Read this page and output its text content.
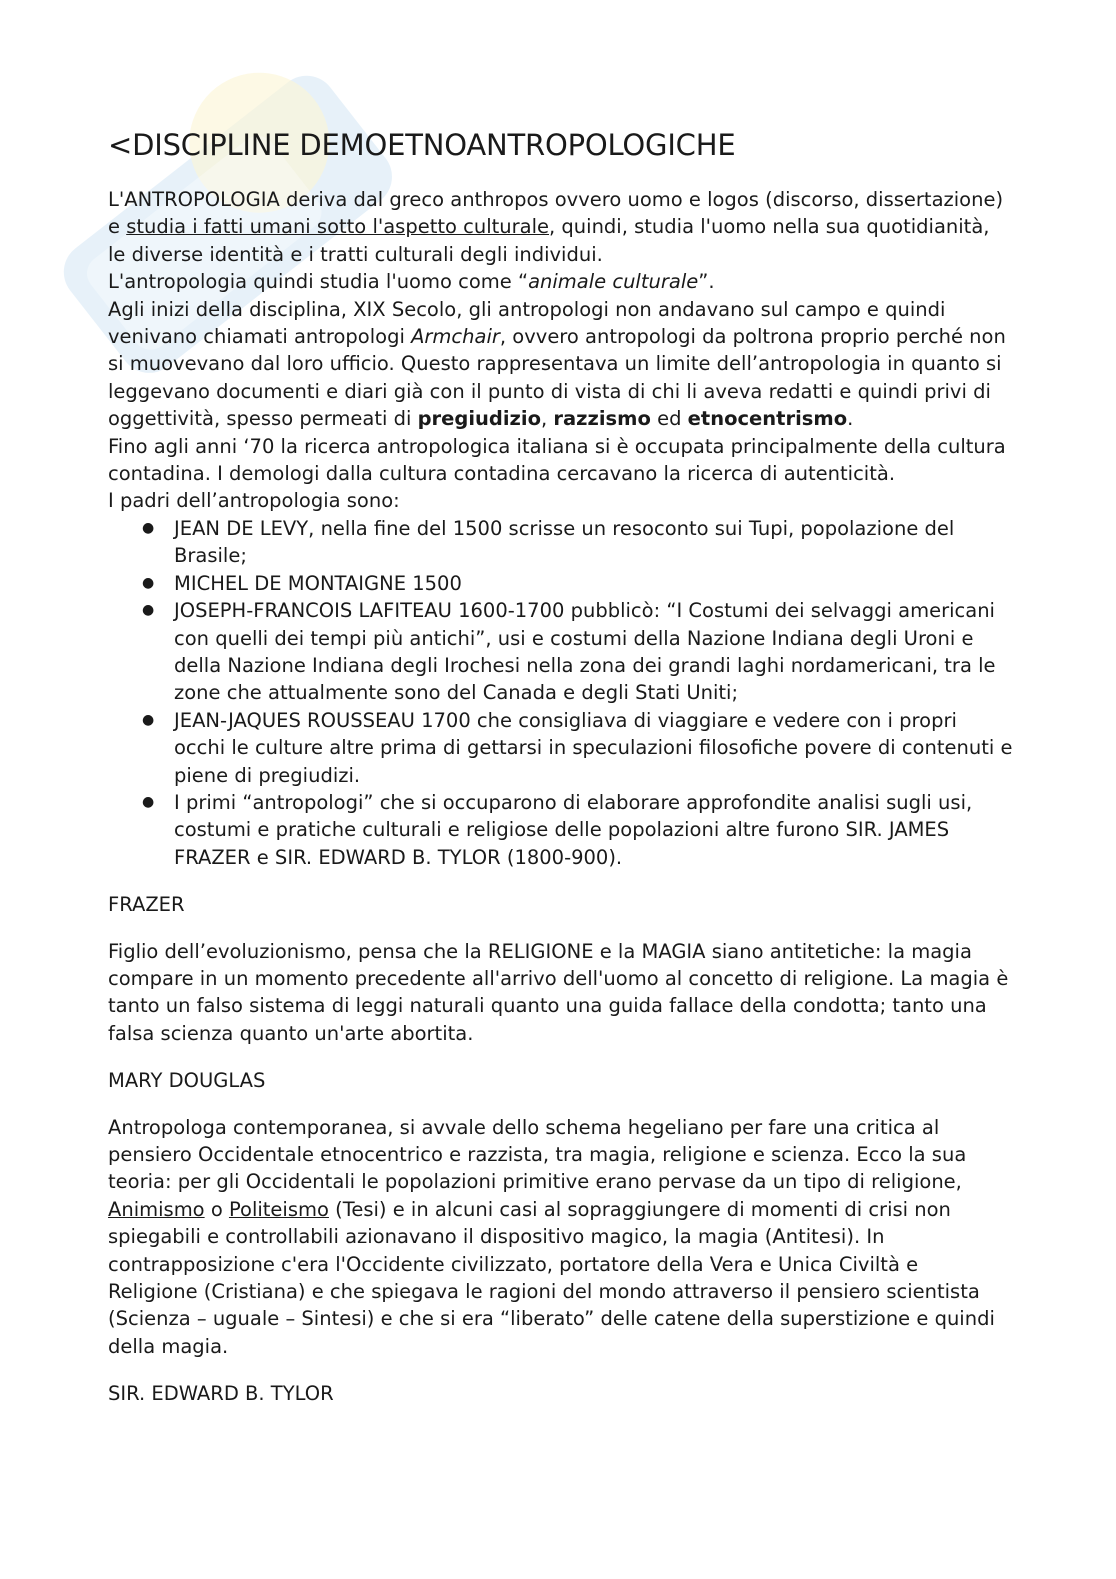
<DISCIPLINE DEMOETNOANTROPOLOGICHE

L'ANTROPOLOGIA deriva dal greco anthropos ovvero uomo e logos (discorso, dissertazione) e studia i fatti umani sotto l'aspetto culturale, quindi, studia l'uomo nella sua quotidianità, le diverse identità e i tratti culturali degli individui.

L'antropologia quindi studia l'uomo come “animale culturale”.

Agli inizi della disciplina, XIX Secolo, gli antropologi non andavano sul campo e quindi venivano chiamati antropologi Armchair, ovvero antropologi da poltrona proprio perché non si muovevano dal loro ufficio. Questo rappresentava un limite dell’antropologia in quanto si leggevano documenti e diari già con il punto di vista di chi li aveva redatti e quindi privi di oggettività, spesso permeati di pregiudizio, razzismo ed etnocentrismo.

Fino agli anni ‘70 la ricerca antropologica italiana si è occupata principalmente della cultura contadina. I demologi dalla cultura contadina cercavano la ricerca di autenticità.

I padri dell’antropologia sono:

● JEAN DE LEVY, nella fine del 1500 scrisse un resoconto sui Tupi, popolazione del Brasile;
● MICHEL DE MONTAIGNE 1500
● JOSEPH-FRANCOIS LAFITEAU 1600-1700 pubblicò: “I Costumi dei selvaggi americani con quelli dei tempi più antichi”, usi e costumi della Nazione Indiana degli Uroni e della Nazione Indiana degli Irochesi nella zona dei grandi laghi nordamericani, tra le zone che attualmente sono del Canada e degli Stati Uniti;
● JEAN-JAQUES ROUSSEAU 1700 che consigliava di viaggiare e vedere con i propri occhi le culture altre prima di gettarsi in speculazioni filosofiche povere di contenuti e piene di pregiudizi.
● I primi “antropologi” che si occuparono di elaborare approfondite analisi sugli usi, costumi e pratiche culturali e religiose delle popolazioni altre furono SIR. JAMES FRAZER e SIR. EDWARD B. TYLOR (1800-900).

FRAZER

Figlio dell’evoluzionismo, pensa che la RELIGIONE e la MAGIA siano antitetiche: la magia compare in un momento precedente all'arrivo dell'uomo al concetto di religione. La magia è tanto un falso sistema di leggi naturali quanto una guida fallace della condotta; tanto una falsa scienza quanto un'arte abortita.

MARY DOUGLAS

Antropologa contemporanea, si avvale dello schema hegeliano per fare una critica al pensiero Occidentale etnocentrico e razzista, tra magia, religione e scienza. Ecco la sua teoria: per gli Occidentali le popolazioni primitive erano pervase da un tipo di religione, Animismo o Politeismo (Tesi) e in alcuni casi al sopraggiungere di momenti di crisi non spiegabili e controllabili azionavano il dispositivo magico, la magia (Antitesi). In contrapposizione c'era l'Occidente civilizzato, portatore della Vera e Unica Civiltà e Religione (Cristiana) e che spiegava le ragioni del mondo attraverso il pensiero scientista (Scienza – uguale – Sintesi) e che si era “liberato” delle catene della superstizione e quindi della magia.

SIR. EDWARD B. TYLOR
